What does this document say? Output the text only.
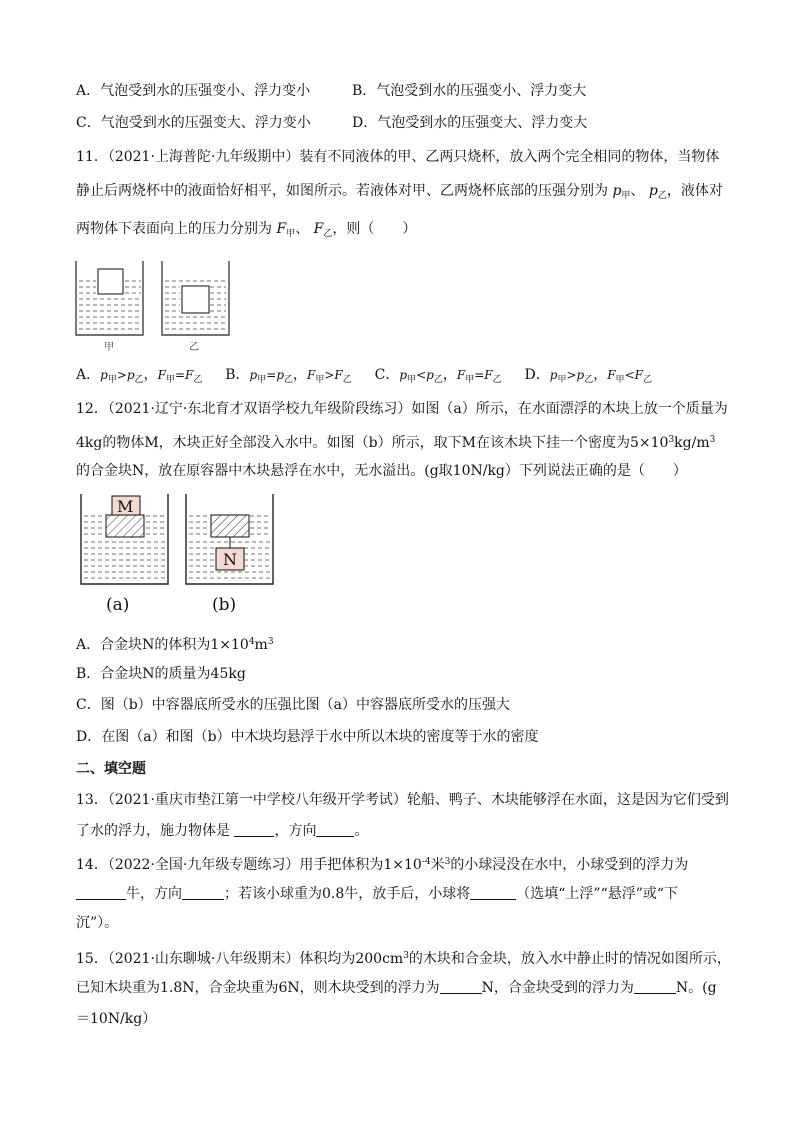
A．气泡受到水的压强变小、浮力变小	B．气泡受到水的压强变小、浮力变大
C．气泡受到水的压强变大、浮力变小	D．气泡受到水的压强变大、浮力变大
11．（2021·上海普陀·九年级期中）装有不同液体的甲、乙两只烧杯，放入两个完全相同的物体，当物体
静止后两烧杯中的液面恰好相平，如图所示。若液体对甲、乙两烧杯底部的压强分别为 $p_甲$、 $p_乙$，液体对
两物体下表面向上的压力分别为 $F_甲$、 $F_乙$，则（　　）
甲	乙
A．$p_甲>p_乙$，$F_甲=F_乙$ B．$p_甲=p_乙$，$F_甲>F_乙$ C．$p_甲<p_乙$，$F_甲=F_乙$ D．$p_甲>p_乙$，$F_甲<F_乙$
12．（2021·辽宁·东北育才双语学校九年级阶段练习）如图（a）所示，在水面漂浮的木块上放一个质量为
4kg的物体M，木块正好全部没入水中。如图（b）所示，取下M在该木块下挂一个密度为$5\times 10^3kg/m^3$
的合金块N，放在原容器中木块悬浮在水中，无水溢出。(g取10N/kg）下列说法正确的是（　　）
M
(a)
N
(b)
A．合金块N的体积为$1\times 10^4m^3$
B．合金块N的质量为45kg
C．图（b）中容器底所受水的压强比图（a）中容器底所受水的压强大
D．在图（a）和图（b）中木块均悬浮于水中所以木块的密度等于水的密度
二、填空题
13．（2021·重庆市垫江第一中学校八年级开学考试）轮船、鸭子、木块能够浮在水面，这是因为它们受到
了水的浮力，施力物体是	，方向	。
14．（2022·全国·九年级专题练习）用手把体积为$1\times 10^{-4}$米$^3$的小球浸没在水中，小球受到的浮力为
牛，方向	；若该小球重为0.8牛，放手后，小球将	（选填“上浮”“悬浮”或“下
沉”）。
15．（2021·山东聊城·八年级期末）体积均为$200cm^3$的木块和合金块，放入水中静止时的情况如图所示，
已知木块重为1.8N，合金块重为6N，则木块受到的浮力为	N，合金块受到的浮力为	N。(g
＝10N/kg）
